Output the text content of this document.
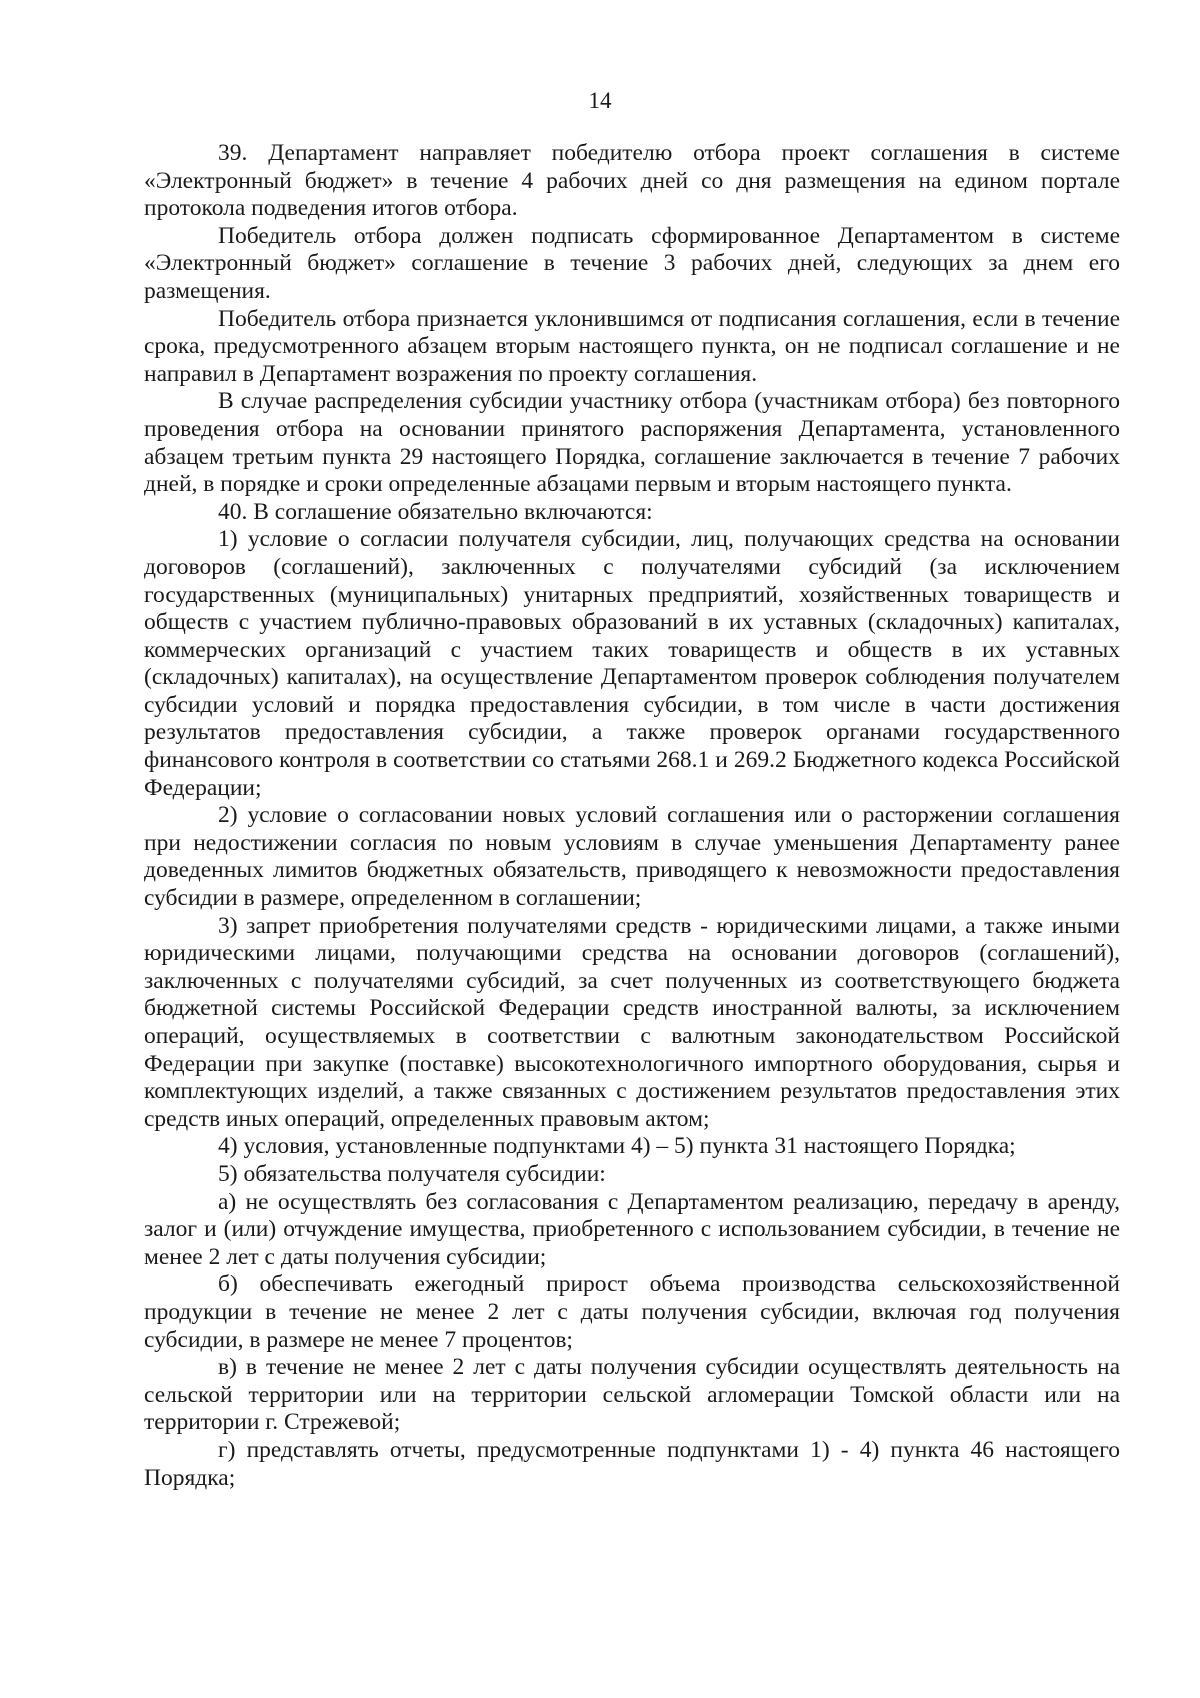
14

39. Департамент направляет победителю отбора проект соглашения в системе «Электронный бюджет» в течение 4 рабочих дней со дня размещения на едином портале протокола подведения итогов отбора.

Победитель отбора должен подписать сформированное Департаментом в системе «Электронный бюджет» соглашение в течение 3 рабочих дней, следующих за днем его размещения.

Победитель отбора признается уклонившимся от подписания соглашения, если в течение срока, предусмотренного абзацем вторым настоящего пункта, он не подписал соглашение и не направил в Департамент возражения по проекту соглашения.

В случае распределения субсидии участнику отбора (участникам отбора) без повторного проведения отбора на основании принятого распоряжения Департамента, установленного абзацем третьим пункта 29 настоящего Порядка, соглашение заключается в течение 7 рабочих дней, в порядке и сроки определенные абзацами первым и вторым настоящего пункта.

40. В соглашение обязательно включаются:

1) условие о согласии получателя субсидии, лиц, получающих средства на основании договоров (соглашений), заключенных с получателями субсидий (за исключением государственных (муниципальных) унитарных предприятий, хозяйственных товариществ и обществ с участием публично-правовых образований в их уставных (складочных) капиталах, коммерческих организаций с участием таких товариществ и обществ в их уставных (складочных) капиталах), на осуществление Департаментом проверок соблюдения получателем субсидии условий и порядка предоставления субсидии, в том числе в части достижения результатов предоставления субсидии, а также проверок органами государственного финансового контроля в соответствии со статьями 268.1 и 269.2 Бюджетного кодекса Российской Федерации;

2) условие о согласовании новых условий соглашения или о расторжении соглашения при недостижении согласия по новым условиям в случае уменьшения Департаменту ранее доведенных лимитов бюджетных обязательств, приводящего к невозможности предоставления субсидии в размере, определенном в соглашении;

3) запрет приобретения получателями средств - юридическими лицами, а также иными юридическими лицами, получающими средства на основании договоров (соглашений), заключенных с получателями субсидий, за счет полученных из соответствующего бюджета бюджетной системы Российской Федерации средств иностранной валюты, за исключением операций, осуществляемых в соответствии с валютным законодательством Российской Федерации при закупке (поставке) высокотехнологичного импортного оборудования, сырья и комплектующих изделий, а также связанных с достижением результатов предоставления этих средств иных операций, определенных правовым актом;

4) условия, установленные подпунктами 4) – 5) пункта 31 настоящего Порядка;

5) обязательства получателя субсидии:

а) не осуществлять без согласования с Департаментом реализацию, передачу в аренду, залог и (или) отчуждение имущества, приобретенного с использованием субсидии, в течение не менее 2 лет с даты получения субсидии;

б) обеспечивать ежегодный прирост объема производства сельскохозяйственной продукции в течение не менее 2 лет с даты получения субсидии, включая год получения субсидии, в размере не менее 7 процентов;

в) в течение не менее 2 лет с даты получения субсидии осуществлять деятельность на сельской территории или на территории сельской агломерации Томской области или на территории г. Стрежевой;

г) представлять отчеты, предусмотренные подпунктами 1) - 4) пункта 46 настоящего Порядка;
